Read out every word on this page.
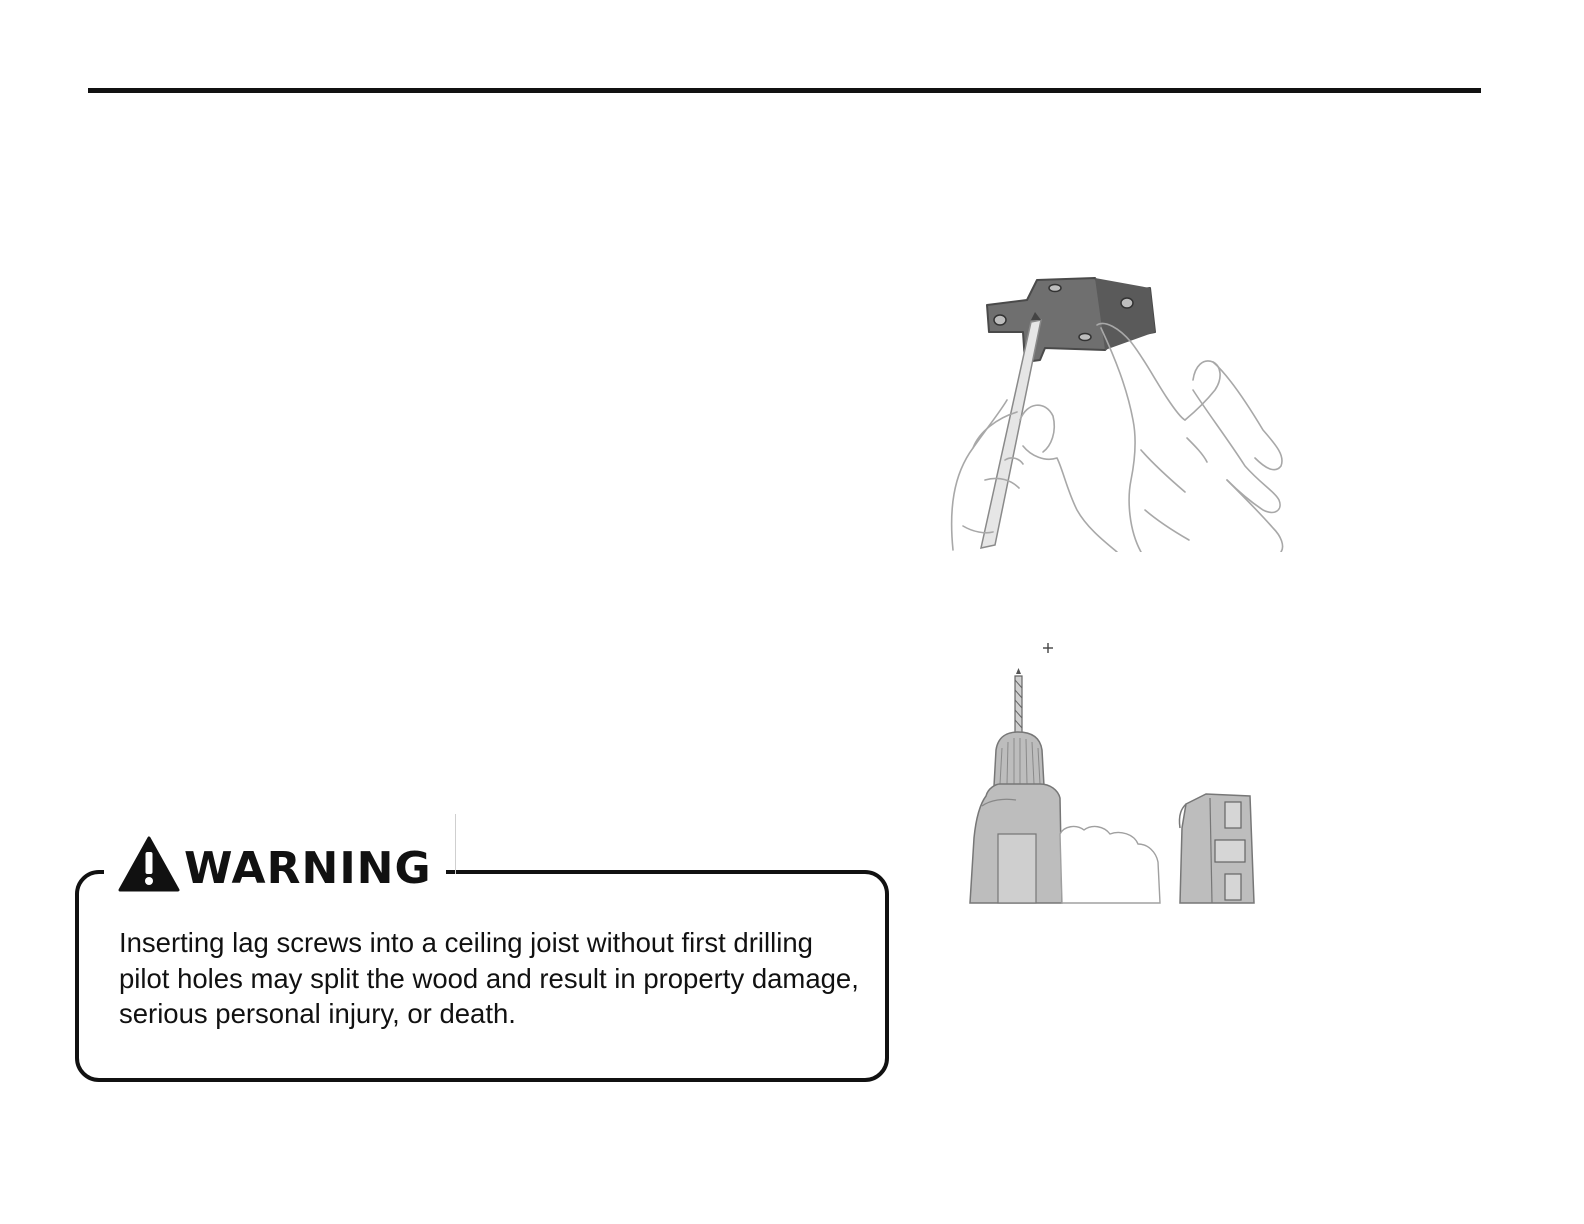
WARNING

Inserting lag screws into a ceiling joist without first drilling pilot holes may split the wood and result in property damage, serious personal injury, or death.
